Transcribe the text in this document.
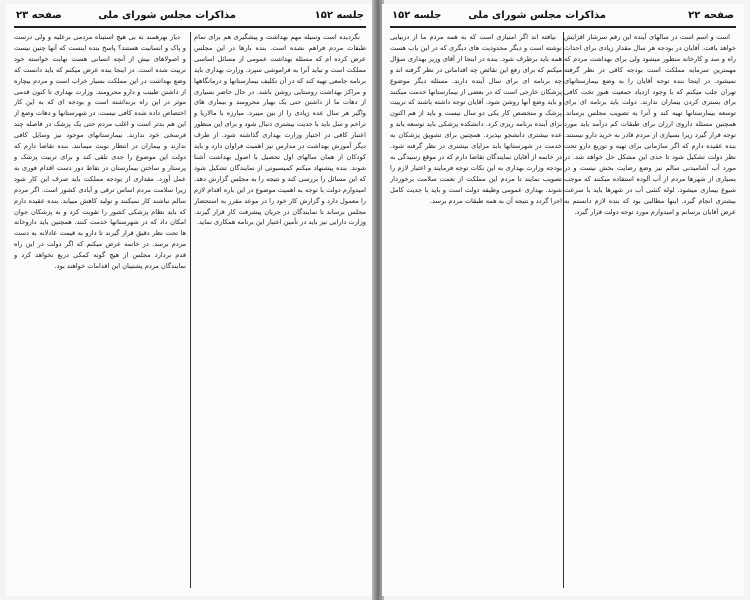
جلسه ۱۵۲
مذاکرات مجلس شورای ملی
صفحه ۲۳

نگردیده است وسیله مهم بهداشت و پیشگیری هم برای تمام طبقات مردم فراهم نشده است. بنده بارها در این مجلس عرض کرده ام که مسئله بهداشت عمومی از مسائل اساسی مملکت است و نباید آنرا به فراموشی سپرد. وزارت بهداری باید برنامه جامعی تهیه کند که در آن تکلیف بیمارستانها و درمانگاهها و مراکز بهداشت روستایی روشن باشد. در حال حاضر بسیاری از دهات ما از داشتن حتی یک بهیار محرومند و بیماری های واگیر هر سال عده زیادی را از بین میبرد. مبارزه با مالاریا و تراخم و سل باید با جدیت بیشتری دنبال شود و برای این منظور اعتبار کافی در اختیار وزارت بهداری گذاشته شود. از طرف دیگر آموزش بهداشت در مدارس نیز اهمیت فراوان دارد و باید کودکان از همان سالهای اول تحصیل با اصول بهداشت آشنا شوند. بنده پیشنهاد میکنم کمیسیونی از نمایندگان تشکیل شود که این مسائل را بررسی کند و نتیجه را به مجلس گزارش دهد. امیدوارم دولت با توجه به اهمیت موضوع در این باره اقدام لازم را معمول دارد و گزارش کار خود را در موعد مقرر به استحضار مجلس برساند تا نمایندگان در جریان پیشرفت کار قرار گیرند. وزارت دارایی نیز باید در تأمین اعتبار این برنامه همکاری نماید.

دیار بهرهمند نه بی هیچ استیناه مردمی برعلیه و ولی درست و پاک و انسانیت هستند؟ پاسخ بنده اینست که آنها چنین نیست و اصولاهای بیش از آنچه انسانی هست نهایت خواسته خود تربیت شده است. در اینجا بنده عرض میکنم که باید دانست که وضع بهداشت در این مملکت بسیار خراب است و مردم بیچاره از داشتن طبیب و دارو محرومند. وزارت بهداری تا کنون قدمی موثر در این راه برنداشته است و بودجه ای که به این کار اختصاص داده شده کافی نیست. در شهرستانها و دهات وضع از این هم بدتر است و اغلب مردم حتی یک پزشک در فاصله چند فرسخی خود ندارند. بیمارستانهای موجود نیز وسایل کافی ندارند و بیماران در انتظار نوبت میمانند. بنده تقاضا دارم که دولت این موضوع را جدی تلقی کند و برای تربیت پزشک و پرستار و ساختن بیمارستان در نقاط دور دست اقدام فوری به عمل آورد. مقداری از بودجه مملکت باید صرف این کار شود زیرا سلامت مردم اساس ترقی و آبادی کشور است. اگر مردم سالم نباشند کار نمیکنند و تولید کاهش مییابد. بنده عقیده دارم که باید نظام پزشکی کشور را تقویت کرد و به پزشکان جوان امکان داد که در شهرستانها خدمت کنند. همچنین باید داروخانه ها تحت نظر دقیق قرار گیرند تا دارو به قیمت عادلانه به دست مردم برسد. در خاتمه عرض میکنم که اگر دولت در این راه قدم بردارد مجلس از هیچ گونه کمکی دریغ نخواهد کرد و نمایندگان مردم پشتیبان این اقدامات خواهند بود.

صفحه ۲۲
مذاکرات مجلس شورای ملی
جلسه ۱۵۲

است و اسم است در سالهای آینده این رقم سرشار افزایش خواهد یافت. آقایان در بودجه هر سال مقدار زیادی برای احداث راه و سد و کارخانه منظور میشود ولی برای بهداشت مردم که مهمترین سرمایه مملکت است بودجه کافی در نظر گرفته نمیشود. در اینجا بنده توجه آقایان را به وضع بیمارستانهای تهران جلب میکنم که با وجود ازدیاد جمعیت هنوز تخت کافی برای بستری کردن بیماران ندارند. دولت باید برنامه ای برای توسعه بیمارستانها تهیه کند و آنرا به تصویب مجلس برساند. همچنین مسئله داروی ارزان برای طبقات کم درآمد باید مورد توجه قرار گیرد زیرا بسیاری از مردم قادر به خرید دارو نیستند. بنده عقیده دارم که اگر سازمانی برای تهیه و توزیع دارو تحت نظر دولت تشکیل شود تا حدی این مشکل حل خواهد شد. در مورد آب آشامیدنی سالم نیز وضع رضایت بخش نیست و در بسیاری از شهرها مردم از آب آلوده استفاده میکنند که موجب شیوع بیماری میشود. لوله کشی آب در شهرها باید با سرعت بیشتری انجام گیرد. اینها مطالبی بود که بنده لازم دانستم به عرض آقایان برسانم و امیدوارم مورد توجه دولت قرار گیرد.

نیافته اند اگر امتیازی است که به همه مردم ما از دربیایی نوشته است و دیگر محدودیت های دیگری که در این باب هست همه باید برطرف شود. بنده در اینجا از آقای وزیر بهداری سؤال میکنم که برای رفع این نقائص چه اقداماتی در نظر گرفته اند و چه برنامه ای برای سال آینده دارند. مسئله دیگر موضوع پزشکان خارجی است که در بعضی از بیمارستانها خدمت میکنند و باید وضع آنها روشن شود. آقایان توجه داشته باشند که تربیت پزشک و متخصص کار یکی دو سال نیست و باید از هم اکنون برای آینده برنامه ریزی کرد. دانشکده پزشکی باید توسعه یابد و عده بیشتری دانشجو بپذیرد. همچنین برای تشویق پزشکان به خدمت در شهرستانها باید مزایای بیشتری در نظر گرفته شود. در خاتمه از آقایان نمایندگان تقاضا دارم که در موقع رسیدگی به بودجه وزارت بهداری به این نکات توجه فرمایند و اعتبار لازم را تصویب نمایند تا مردم این مملکت از نعمت سلامت برخوردار شوند. بهداری عمومی وظیفه دولت است و باید با جدیت کامل اجرا گردد و نتیجه آن به همه طبقات مردم برسد.
